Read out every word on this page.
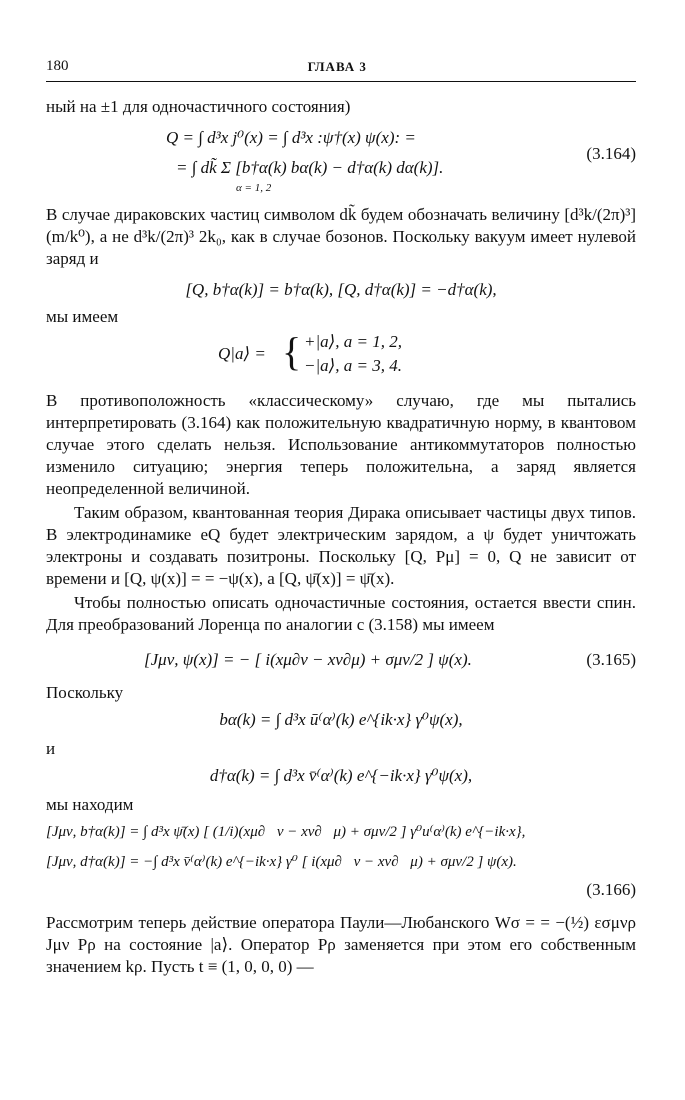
180	ГЛАВА 3

ный на ±1 для одночастичного состояния)

Q = ∫ d³x j⁰(x) = ∫ d³x :ψ†(x) ψ(x): =
= ∫ dk̃ Σ [b†α(k) bα(k) − d†α(k) dα(k)].
α = 1, 2
(3.164)

В случае дираковских частиц символом dk̃ будем обозначать величину [d³k/(2π)³](m/k⁰), а не d³k/(2π)³ 2k₀, как в случае бозонов. Поскольку вакуум имеет нулевой заряд и

[Q, b†α(k)] = b†α(k), [Q, d†α(k)] = −d†α(k),

мы имеем

Q|a⟩ = { +|a⟩, a = 1, 2,
−|a⟩, a = 3, 4.

В противоположность «классическому» случаю, где мы пытались интерпретировать (3.164) как положительную квадратичную норму, в квантовом случае этого сделать нельзя. Использование антикоммутаторов полностью изменило ситуацию; энергия теперь положительна, а заряд является неопределенной величиной.

Таким образом, квантованная теория Дирака описывает частицы двух типов. В электродинамике eQ будет электрическим зарядом, а ψ будет уничтожать электроны и создавать позитроны. Поскольку [Q, Pμ] = 0, Q не зависит от времени и [Q, ψ(x)] = = −ψ(x), а [Q, ψ̄(x)] = ψ̄(x).

Чтобы полностью описать одночастичные состояния, остается ввести спин. Для преобразований Лоренца по аналогии с (3.158) мы имеем

[Jμν, ψ(x)] = − [ i(xμ∂ν − xν∂μ) + σμν/2 ] ψ(x).	(3.165)

Поскольку

bα(k) = ∫ d³x ū⁽α⁾(k) e^{ik·x} γ⁰ψ(x),

и

d†α(k) = ∫ d³x v̄⁽α⁾(k) e^{−ik·x} γ⁰ψ(x),

мы находим

[Jμν, b†α(k)] = ∫ d³x ψ̄(x) [ (1/i)(xμ∂⃖ν − xν∂⃖μ) + σμν/2 ] γ⁰u⁽α⁾(k) e^{−ik·x},
[Jμν, d†α(k)] = −∫ d³x v̄⁽α⁾(k) e^{−ik·x} γ⁰ [ i(xμ∂⃗ν − xν∂⃗μ) + σμν/2 ] ψ(x).
(3.166)

Рассмотрим теперь действие оператора Паули—Любанского Wσ = = −(½) εσμνρ Jμν Pρ на состояние |a⟩. Оператор Pρ заменяется при этом его собственным значением kρ. Пусть t ≡ (1, 0, 0, 0) —
